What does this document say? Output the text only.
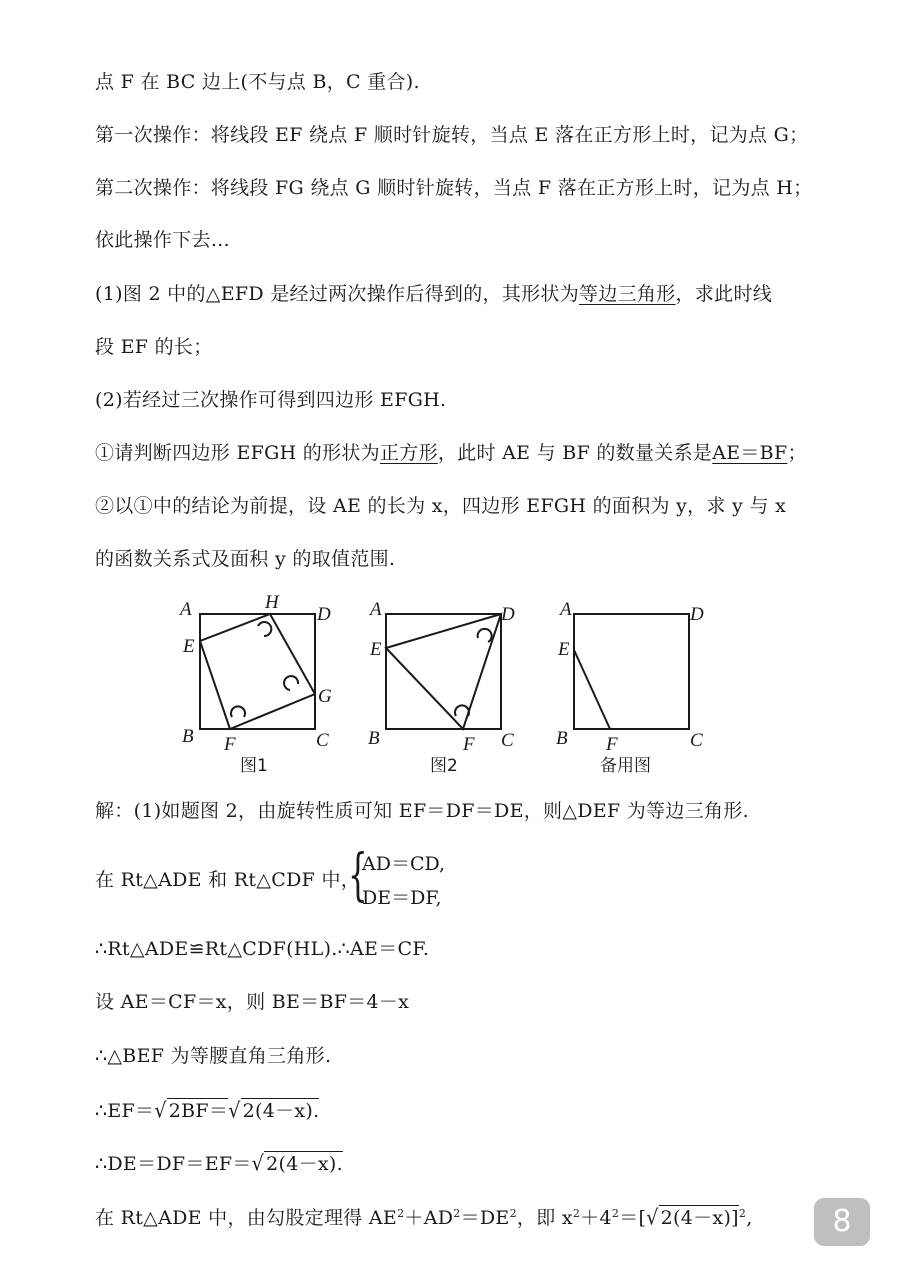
点 F 在 BC 边上(不与点 B，C 重合).
第一次操作：将线段 EF 绕点 F 顺时针旋转，当点 E 落在正方形上时，记为点 G；
第二次操作：将线段 FG 绕点 G 顺时针旋转，当点 F 落在正方形上时，记为点 H；
依此操作下去…
(1)图 2 中的△EFD 是经过两次操作后得到的，其形状为等边三角形，求此时线
段 EF 的长；
(2)若经过三次操作可得到四边形 EFGH.
①请判断四边形 EFGH 的形状为正方形，此时 AE 与 BF 的数量关系是AE＝BF；
②以①中的结论为前提，设 AE 的长为 x，四边形 EFGH 的面积为 y，求 y 与 x
的函数关系式及面积 y 的取值范围.
A	H
D
E
G
B F	C
图1
A	D
E
B	F C
图2
A	D
E
B F	C
备用图
解：(1)如题图 2，由旋转性质可知 EF＝DF＝DE，则△DEF 为等边三角形.
在 Rt△ADE 和 Rt△CDF 中，
{
AD＝CD,
DE＝DF,
∴Rt△ADE≌Rt△CDF(HL).∴AE＝CF.
设 AE＝CF＝x，则 BE＝BF＝4－x
∴△BEF 为等腰直角三角形.
∴EF＝√ 2BF＝√ 2(4－x).
∴DE＝DF＝EF＝√ 2(4－x).
在 Rt△ADE 中，由勾股定理得 $AE^2+AD^2=DE^2$，即 $x^2+4^2=[√$ 2(4－x)]$^2$,	8
